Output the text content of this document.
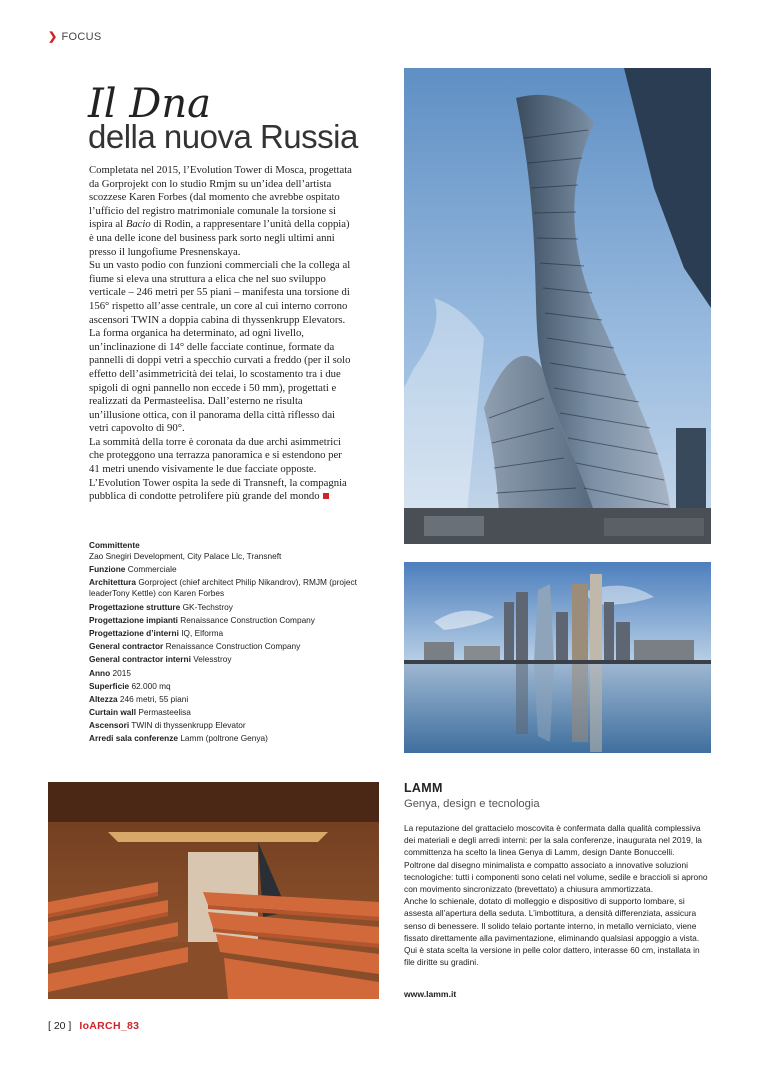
❯ FOCUS
Il Dna
della nuova Russia

Completata nel 2015, l’Evolution Tower di Mosca, progettata da Gorprojekt con lo studio Rmjm su un’idea dell’artista scozzese Karen Forbes (dal momento che avrebbe ospitato l’ufficio del registro matrimoniale comunale la torsione si ispira al Bacio di Rodin, a rappresentare l’unità della coppia) è una delle icone del business park sorto negli ultimi anni presso il lungofiume Presnenskaya.

Su un vasto podio con funzioni commerciali che la collega al fiume si eleva una struttura a elica che nel suo sviluppo verticale – 246 metri per 55 piani – manifesta una torsione di 156° rispetto all’asse centrale, un core al cui interno corrono ascensori TWIN a doppia cabina di thyssenkrupp Elevators.

La forma organica ha determinato, ad ogni livello, un’inclinazione di 14° delle facciate continue, formate da pannelli di doppi vetri a specchio curvati a freddo (per il solo effetto dell’asimmetricità dei telai, lo scostamento tra i due spigoli di ogni pannello non eccede i 50 mm), progettati e realizzati da Permasteelisa. Dall’esterno ne risulta un’illusione ottica, con il panorama della città riflesso dai vetri capovolto di 90°.

La sommità della torre è coronata da due archi asimmetrici che proteggono una terrazza panoramica e si estendono per 41 metri unendo visivamente le due facciate opposte.

L’Evolution Tower ospita la sede di Transneft, la compagnia pubblica di condotte petrolifere più grande del mondo

Committente
Zao Snegiri Development, City Palace Llc, Transneft
Funzione Commerciale
Architettura Gorproject (chief architect Philip Nikandrov), RMJM (project leaderTony Kettle) con Karen Forbes
Progettazione strutture GK-Techstroy
Progettazione impianti Renaissance Construction Company
Progettazione d’interni IQ, Elforma
General contractor Renaissance Construction Company
General contractor interni Velesstroy
Anno 2015
Superficie 62.000 mq
Altezza 246 metri, 55 piani
Curtain wall Permasteelisa
Ascensori TWIN di thyssenkrupp Elevator
Arredi sala conferenze Lamm (poltrone Genya)
LAMM
Genya, design e tecnologia
La reputazione del grattacielo moscovita è confermata dalla qualità complessiva dei materiali e degli arredi interni: per la sala conferenze, inaugurata nel 2019, la committenza ha scelto la linea Genya di Lamm, design Dante Bonuccelli.
Poltrone dal disegno minimalista e compatto associato a innovative soluzioni tecnologiche: tutti i componenti sono celati nel volume, sedile e braccioli si aprono con movimento sincronizzato (brevettato) a chiusura ammortizzata.
Anche lo schienale, dotato di molleggio e dispositivo di supporto lombare, si assesta all’apertura della seduta. L’imbottitura, a densità differenziata, assicura senso di benessere. Il solido telaio portante interno, in metallo verniciato, viene fissato direttamente alla pavimentazione, eliminando qualsiasi appoggio a vista.
Qui è stata scelta la versione in pelle color dattero, interasse 60 cm, installata in file diritte su gradini.
www.lamm.it
[ 20 ] IoARCH_83
